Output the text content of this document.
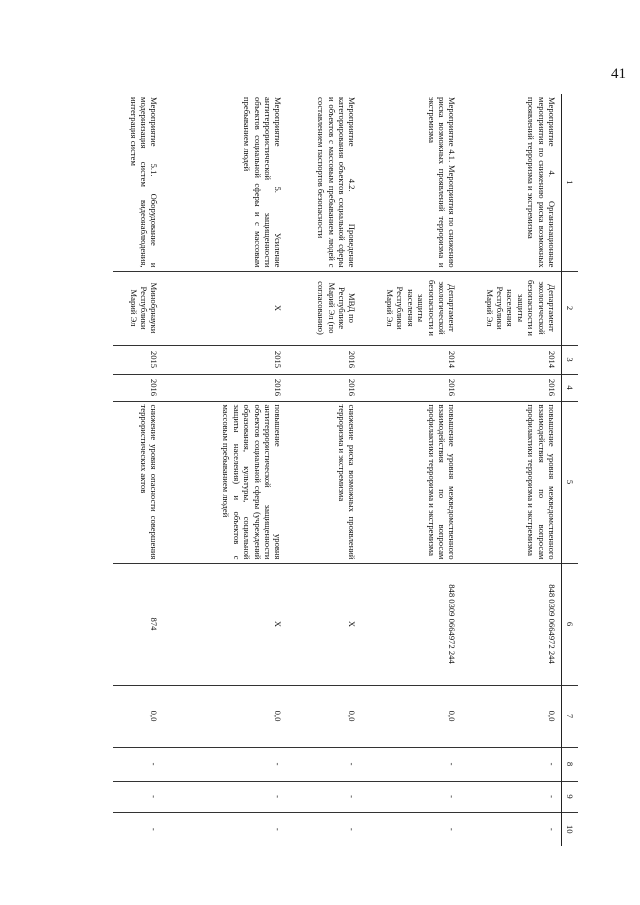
41
1	2	3	4	5	6	7	8	9	10
Мероприятие 4. Организационные мероприятия по снижению риска возможных проявлений терроризма и экстремизма	Департамент экологической безопасности и защиты населения Республики Марий Эл	2014	2016	повышение уровня межведомственного взаимодействия по вопросам профилактики терроризма и экстремизма	848 0309 0664972 244	0,0	-	-	-
Мероприятие 4.1. Мероприятия по снижению риска возможных проявлений терроризма и экстремизма	Департамент экологической безопасности и защиты населения Республики Марий Эл	2014	2016	повышение уровня межведомственного взаимодействия по вопросам профилактики терроризма и экстремизма	848 0309 0664972 244	0,0	-	-	-
Мероприятие 4.2. Проведение категорирования объектов социальной сферы и объектов с массовым пребыванием людей с составлением паспортов безопасности	МВД по Республике Марий Эл (по согласованию)	2016	2016	снижение риска возможных проявлений терроризма и экстремизма	X	0,0	-	-	-
Мероприятие 5. Усиление антитеррористической защищенности объектов социальной сферы и с массовым пребыванием людей	X	2015	2016	повышение уровня антитеррористической защищенности объектов социальной сферы (учреждений образования, культуры, социальной защиты населения) и объектов с массовым пребыванием людей	X	0,0	-	-	-
Мероприятие 5.1. Оборудование и модернизация систем видеонаблюдения, интеграция систем	Минобрнауки Республики Марий Эл	2015	2016	снижение уровня опасности совершения террористических актов	874	0,0	-	-	-
